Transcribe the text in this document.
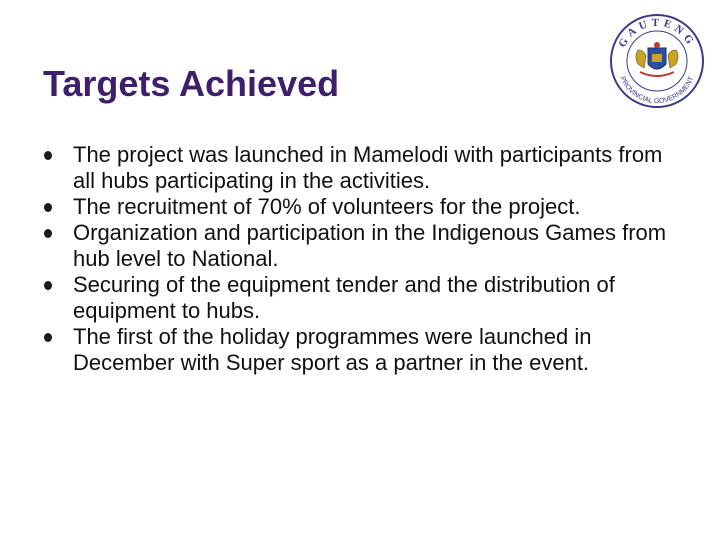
Targets Achieved
GAUTENG
PROVINCIAL GOVERNMENT
The project was launched in Mamelodi with participants from all hubs participating in the activities.
The recruitment of 70% of volunteers for the project.
Organization and participation in the Indigenous Games from hub level to National.
Securing of the equipment tender and the distribution of equipment to hubs.
The first of the holiday programmes were launched in December with Super sport as a partner in the event.
